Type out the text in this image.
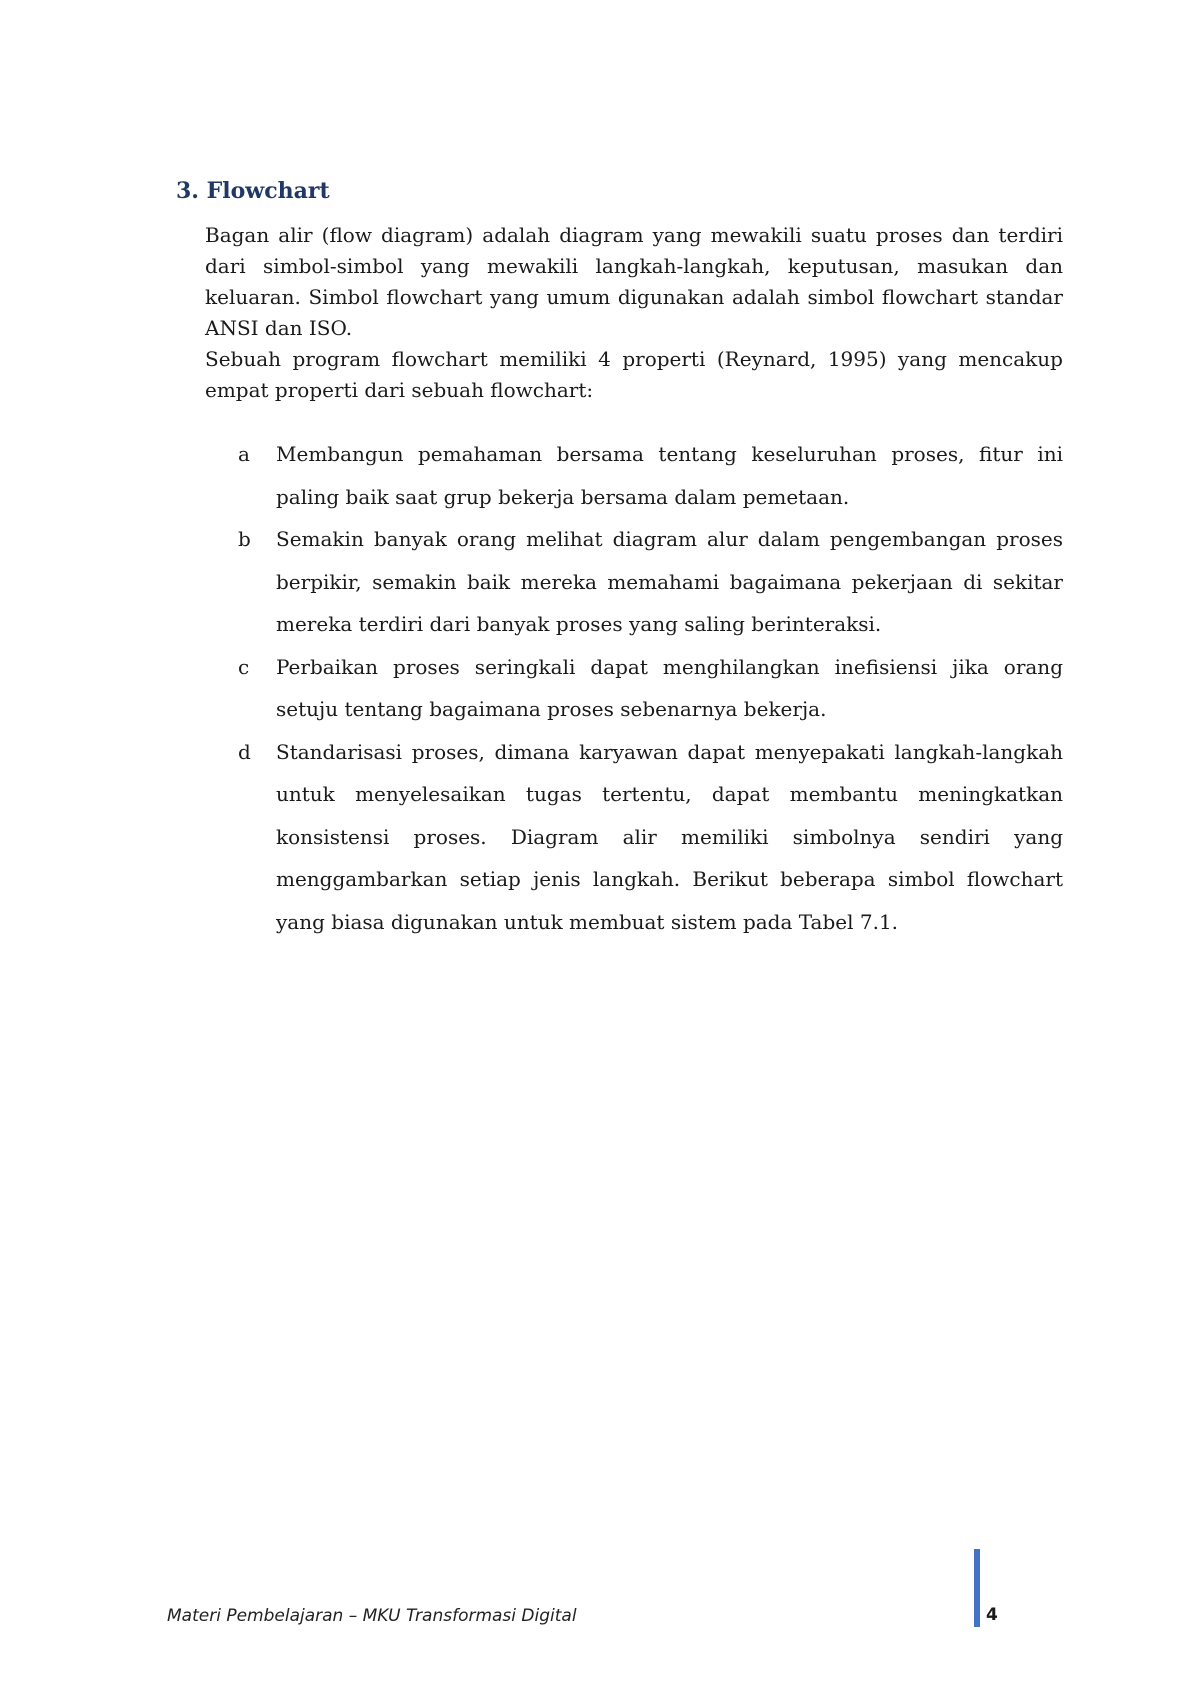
3. Flowchart

Bagan alir (flow diagram) adalah diagram yang mewakili suatu proses dan terdiri dari simbol-simbol yang mewakili langkah-langkah, keputusan, masukan dan keluaran. Simbol flowchart yang umum digunakan adalah simbol flowchart standar ANSI dan ISO.

Sebuah program flowchart memiliki 4 properti (Reynard, 1995) yang mencakup empat properti dari sebuah flowchart:

a Membangun pemahaman bersama tentang keseluruhan proses, fitur ini paling baik saat grup bekerja bersama dalam pemetaan.
b Semakin banyak orang melihat diagram alur dalam pengembangan proses berpikir, semakin baik mereka memahami bagaimana pekerjaan di sekitar mereka terdiri dari banyak proses yang saling berinteraksi.
c Perbaikan proses seringkali dapat menghilangkan inefisiensi jika orang setuju tentang bagaimana proses sebenarnya bekerja.
d Standarisasi proses, dimana karyawan dapat menyepakati langkah-langkah untuk menyelesaikan tugas tertentu, dapat membantu meningkatkan konsistensi proses. Diagram alir memiliki simbolnya sendiri yang menggambarkan setiap jenis langkah. Berikut beberapa simbol flowchart yang biasa digunakan untuk membuat sistem pada Tabel 7.1.
Materi Pembelajaran – MKU Transformasi Digital	4
